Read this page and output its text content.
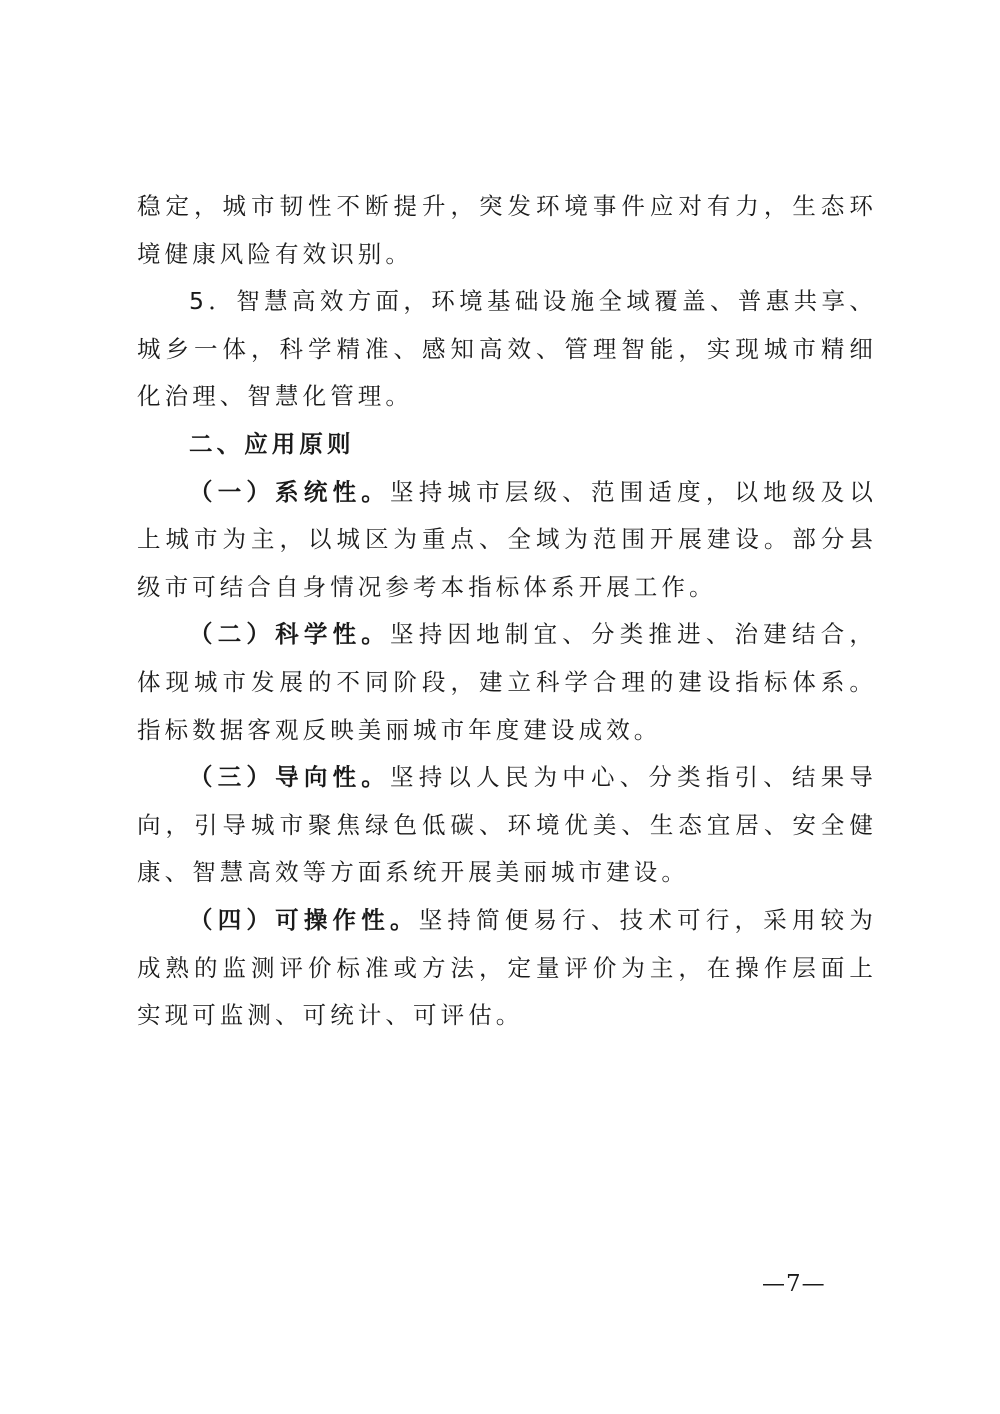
稳定，城市韧性不断提升，突发环境事件应对有力，生态环境健康风险有效识别。

5．智慧高效方面，环境基础设施全域覆盖、普惠共享、城乡一体，科学精准、感知高效、管理智能，实现城市精细化治理、智慧化管理。

二、应用原则

（一）系统性。坚持城市层级、范围适度，以地级及以上城市为主，以城区为重点、全域为范围开展建设。部分县级市可结合自身情况参考本指标体系开展工作。

（二）科学性。坚持因地制宜、分类推进、治建结合，体现城市发展的不同阶段，建立科学合理的建设指标体系。指标数据客观反映美丽城市年度建设成效。

（三）导向性。坚持以人民为中心、分类指引、结果导向，引导城市聚焦绿色低碳、环境优美、生态宜居、安全健康、智慧高效等方面系统开展美丽城市建设。

（四）可操作性。坚持简便易行、技术可行，采用较为成熟的监测评价标准或方法，定量评价为主，在操作层面上实现可监测、可统计、可评估。

—7—
